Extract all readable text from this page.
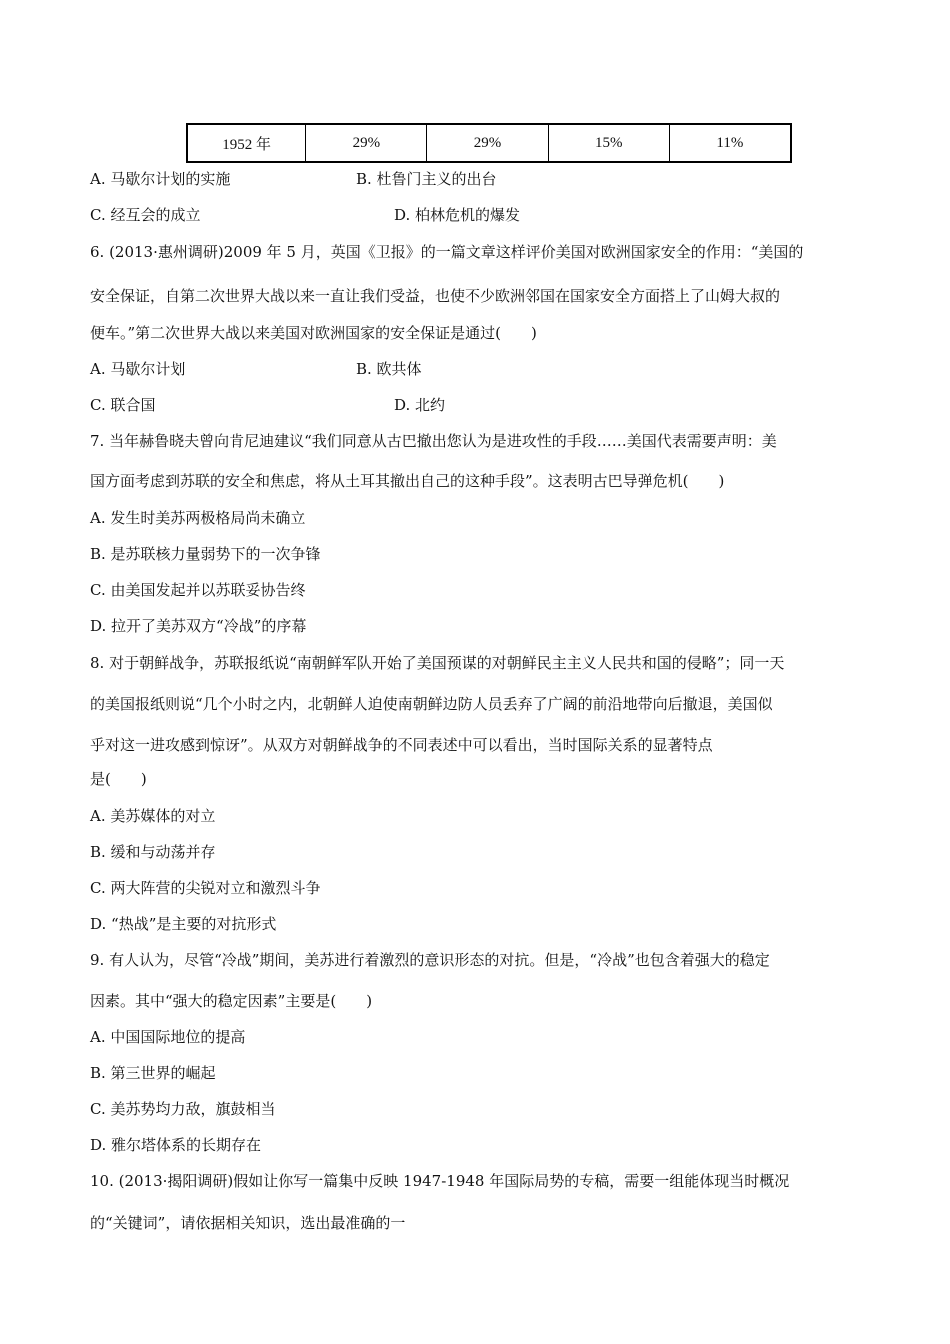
1952 年	29%	29%	15%	11%
A. 马歇尔计划的实施	B. 杜鲁门主义的出台
C. 经互会的成立	D. 柏林危机的爆发
6. (2013·惠州调研)2009 年 5 月，英国《卫报》的一篇文章这样评价美国对欧洲国家安全的作用：“美国的
安全保证，自第二次世界大战以来一直让我们受益，也使不少欧洲邻国在国家安全方面搭上了山姆大叔的
便车。”第二次世界大战以来美国对欧洲国家的安全保证是通过(　　)
A. 马歇尔计划	B. 欧共体
C. 联合国	D. 北约
7. 当年赫鲁晓夫曾向肯尼迪建议“我们同意从古巴撤出您认为是进攻性的手段……美国代表需要声明：美
国方面考虑到苏联的安全和焦虑，将从土耳其撤出自己的这种手段”。这表明古巴导弹危机(　　)
A. 发生时美苏两极格局尚未确立
B. 是苏联核力量弱势下的一次争锋
C. 由美国发起并以苏联妥协告终
D. 拉开了美苏双方“冷战”的序幕
8. 对于朝鲜战争，苏联报纸说“南朝鲜军队开始了美国预谋的对朝鲜民主主义人民共和国的侵略”；同一天
的美国报纸则说“几个小时之内，北朝鲜人迫使南朝鲜边防人员丢弃了广阔的前沿地带向后撤退，美国似
乎对这一进攻感到惊讶”。从双方对朝鲜战争的不同表述中可以看出，当时国际关系的显著特点
是(　　)
A. 美苏媒体的对立
B. 缓和与动荡并存
C. 两大阵营的尖锐对立和激烈斗争
D. “热战”是主要的对抗形式
9. 有人认为，尽管“冷战”期间，美苏进行着激烈的意识形态的对抗。但是，“冷战”也包含着强大的稳定
因素。其中“强大的稳定因素”主要是(　　)
A. 中国国际地位的提高
B. 第三世界的崛起
C. 美苏势均力敌，旗鼓相当
D. 雅尔塔体系的长期存在
10. (2013·揭阳调研)假如让你写一篇集中反映 1947-1948 年国际局势的专稿，需要一组能体现当时概况
的“关键词”，请依据相关知识，选出最准确的一
